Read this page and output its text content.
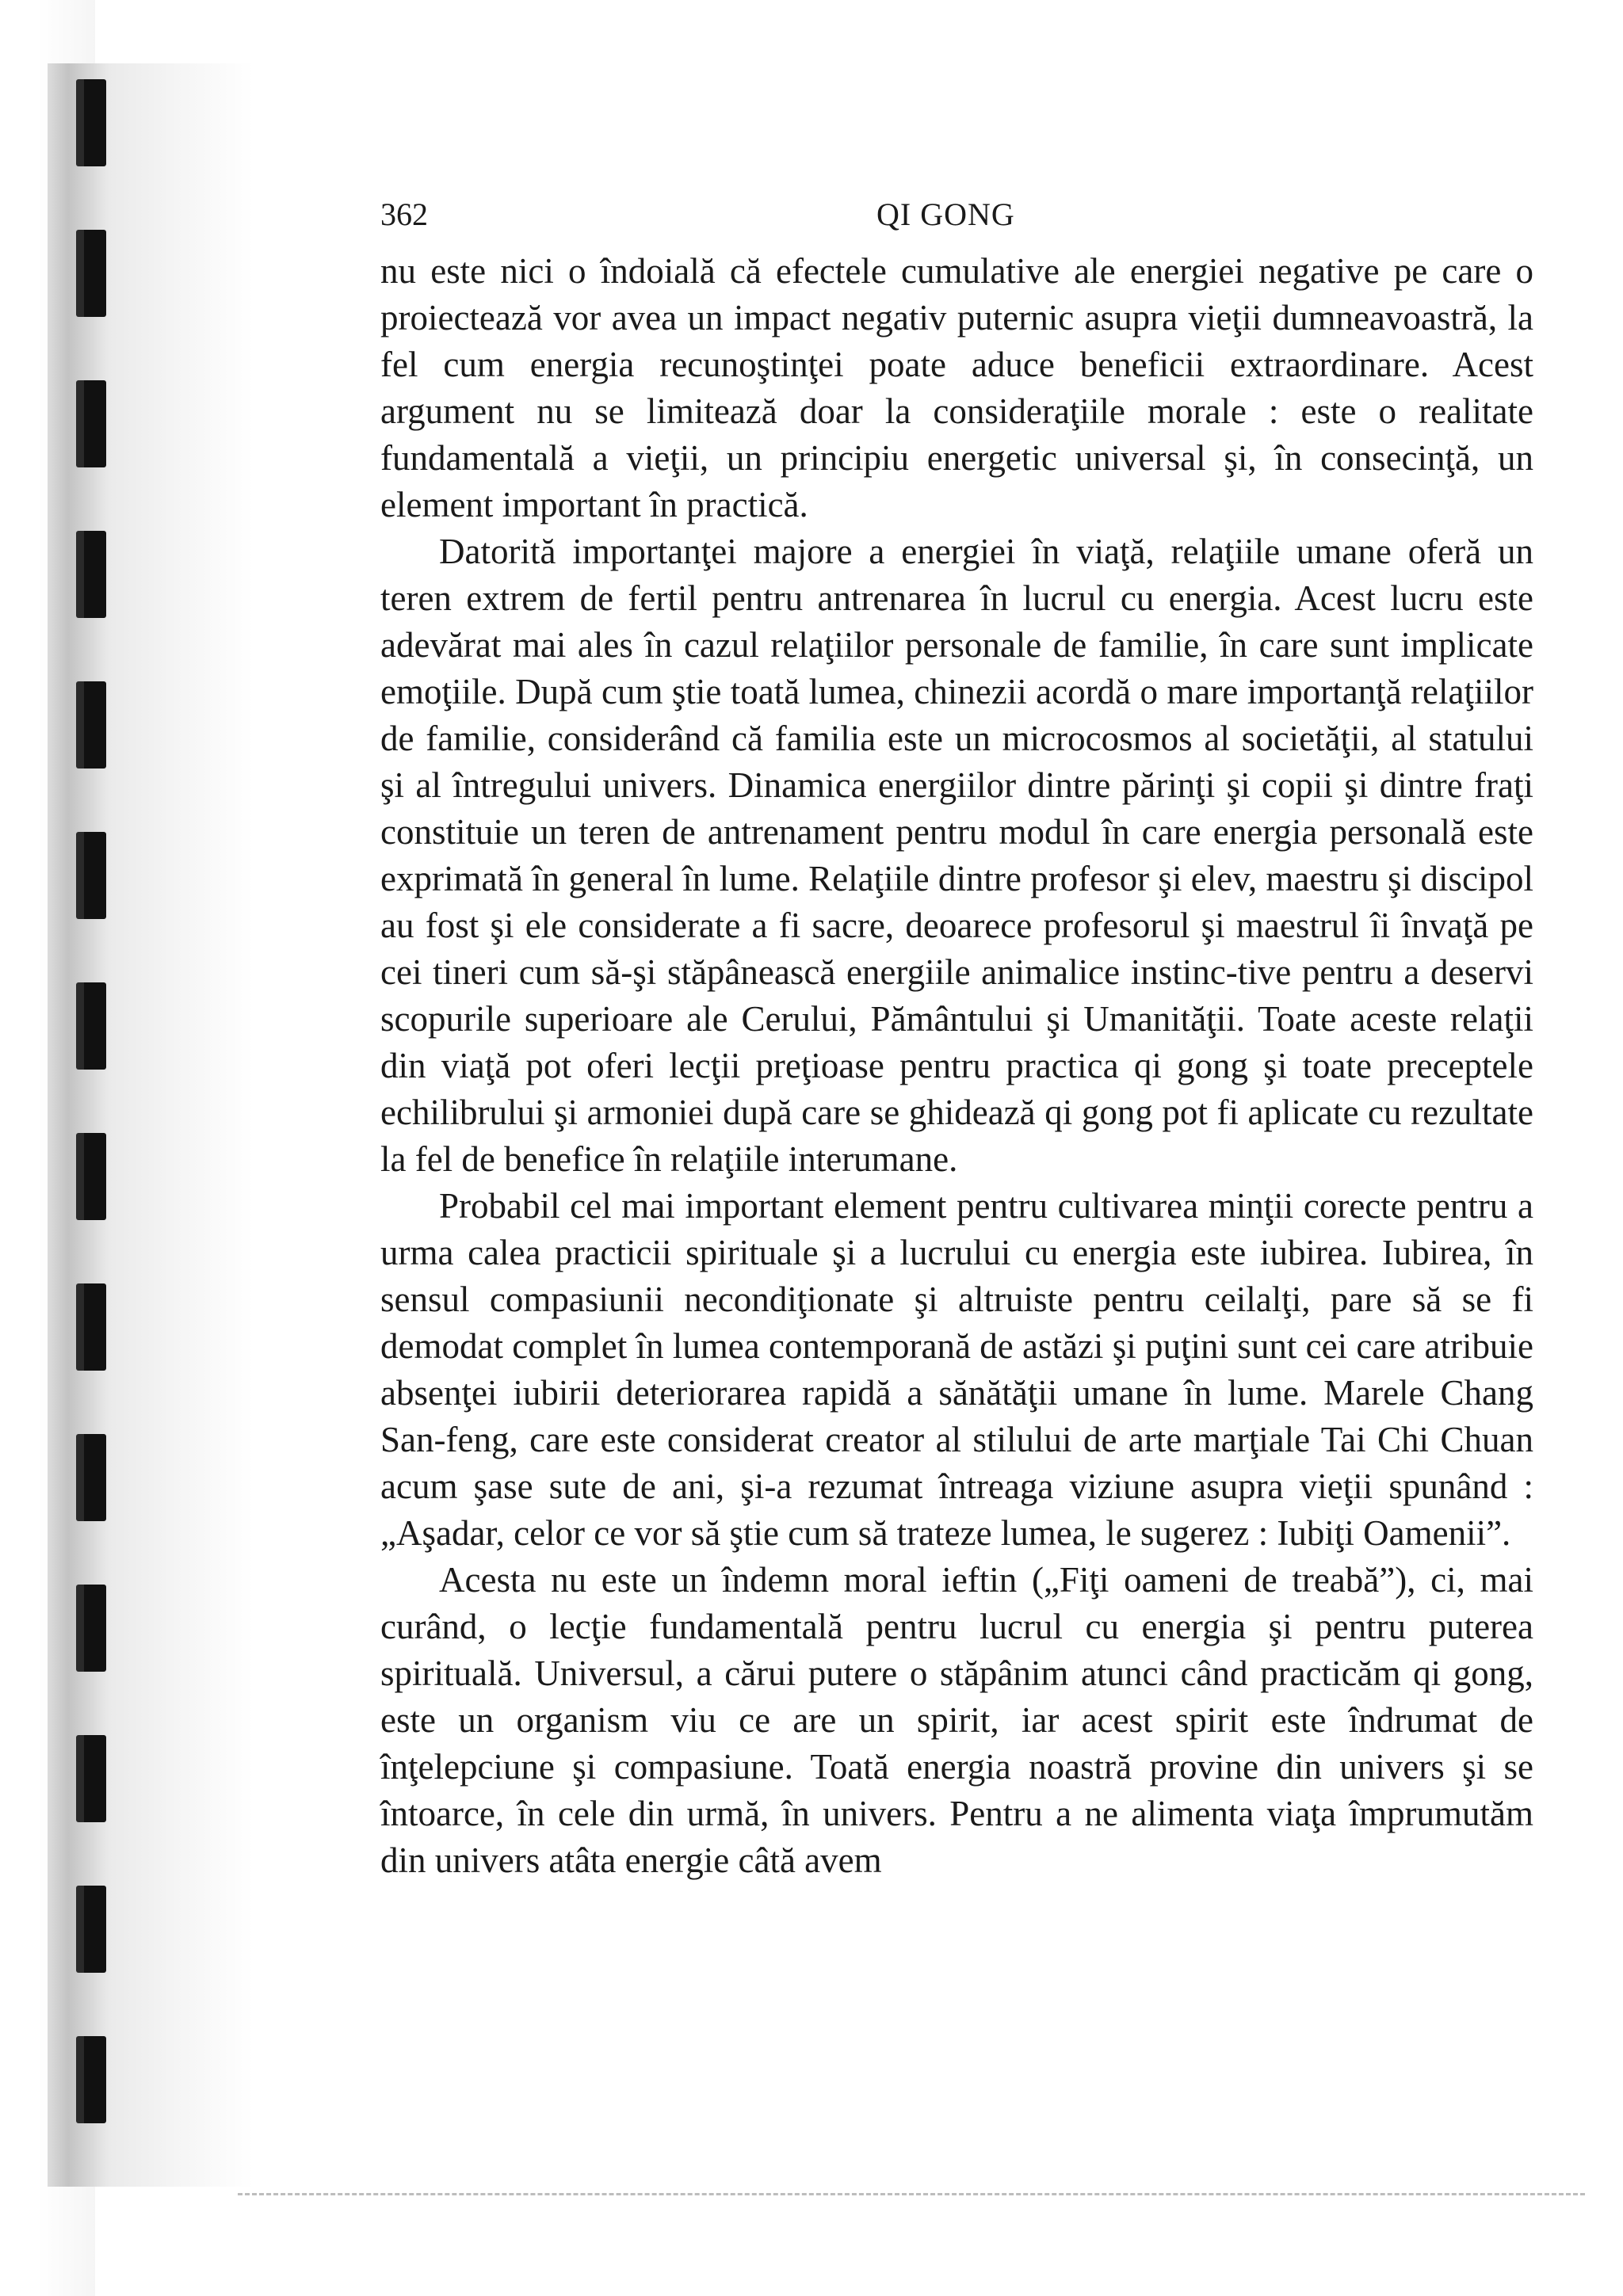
362	QI GONG

nu este nici o îndoială că efectele cumulative ale energiei negative pe care o proiectează vor avea un impact negativ puternic asupra vieţii dumneavoastră, la fel cum energia recunoştinţei poate aduce beneficii extraordinare. Acest argument nu se limitează doar la consideraţiile morale : este o realitate fundamentală a vieţii, un principiu energetic universal şi, în consecinţă, un element important în practică.

Datorită importanţei majore a energiei în viaţă, relaţiile umane oferă un teren extrem de fertil pentru antrenarea în lucrul cu energia. Acest lucru este adevărat mai ales în cazul relaţiilor personale de familie, în care sunt implicate emoţiile. După cum ştie toată lumea, chinezii acordă o mare importanţă relaţiilor de familie, considerând că familia este un microcosmos al societăţii, al statului şi al întregului univers. Dinamica energiilor dintre părinţi şi copii şi dintre fraţi constituie un teren de antrenament pentru modul în care energia personală este exprimată în general în lume. Relaţiile dintre profesor şi elev, maestru şi discipol au fost şi ele considerate a fi sacre, deoarece profesorul şi maestrul îi învaţă pe cei tineri cum să-şi stăpânească energiile animalice instinc-tive pentru a deservi scopurile superioare ale Cerului, Pământului şi Umanităţii. Toate aceste relaţii din viaţă pot oferi lecţii preţioase pentru practica qi gong şi toate preceptele echilibrului şi armoniei după care se ghidează qi gong pot fi aplicate cu rezultate la fel de benefice în relaţiile interumane.

Probabil cel mai important element pentru cultivarea minţii corecte pentru a urma calea practicii spirituale şi a lucrului cu energia este iubirea. Iubirea, în sensul compasiunii necondiţionate şi altruiste pentru ceilalţi, pare să se fi demodat complet în lumea contemporană de astăzi şi puţini sunt cei care atribuie absenţei iubirii deteriorarea rapidă a sănătăţii umane în lume. Marele Chang San-feng, care este considerat creator al stilului de arte marţiale Tai Chi Chuan acum şase sute de ani, şi-a rezumat întreaga viziune asupra vieţii spunând : „Aşadar, celor ce vor să ştie cum să trateze lumea, le sugerez : Iubiţi Oamenii”.

Acesta nu este un îndemn moral ieftin („Fiţi oameni de treabă”), ci, mai curând, o lecţie fundamentală pentru lucrul cu energia şi pentru puterea spirituală. Universul, a cărui putere o stăpânim atunci când practicăm qi gong, este un organism viu ce are un spirit, iar acest spirit este îndrumat de înţelepciune şi compasiune. Toată energia noastră provine din univers şi se întoarce, în cele din urmă, în univers. Pentru a ne alimenta viaţa împrumutăm din univers atâta energie câtă avem
